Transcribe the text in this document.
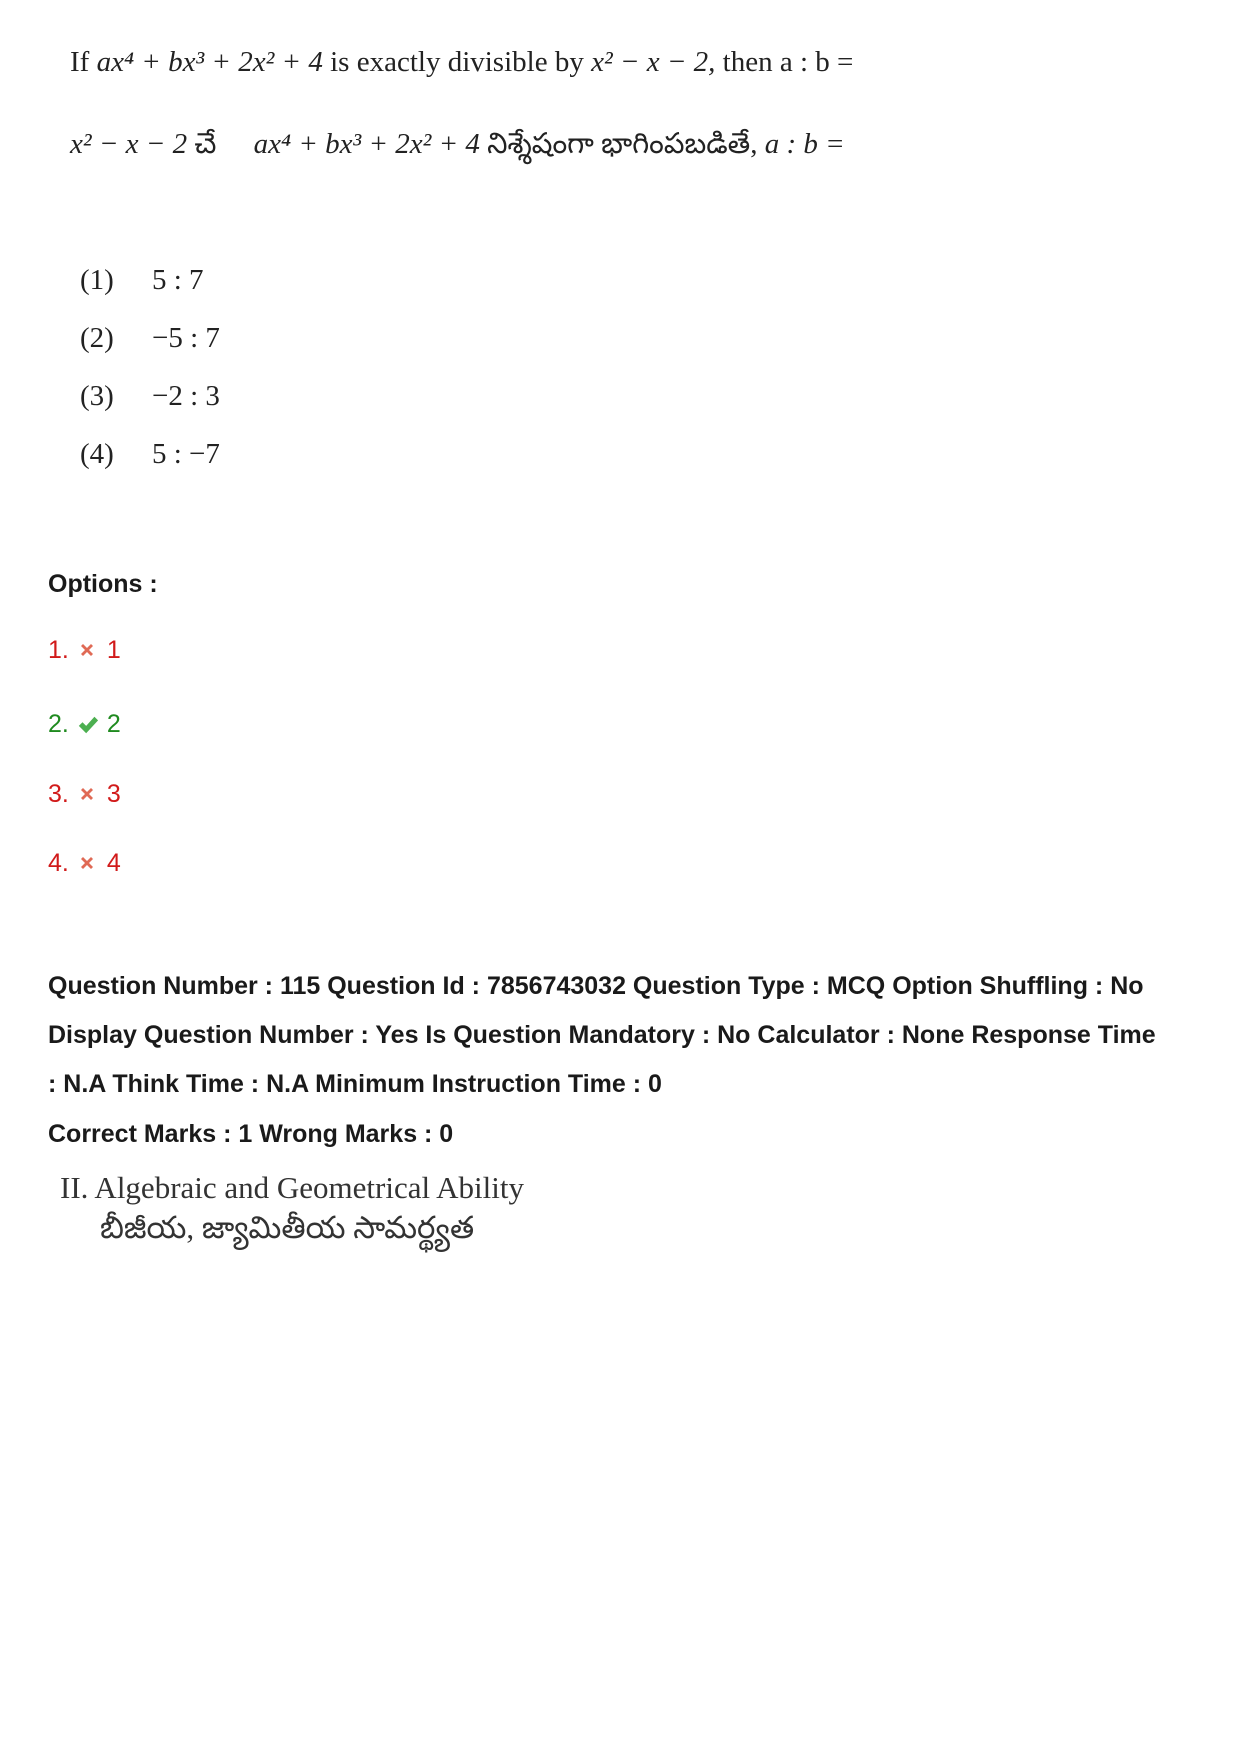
If ax⁴ + bx³ + 2x² + 4 is exactly divisible by x² − x − 2, then a : b =
x² − x − 2 చే ax⁴ + bx³ + 2x² + 4 నిశ్శేషంగా భాగింపబడితే, a : b =
(1)	5 : 7
(2)	−5 : 7
(3)	−2 : 3
(4)	5 : −7
Options :
1. 1
2. 2
3. 3
4. 4
Question Number : 115 Question Id : 7856743032 Question Type : MCQ Option Shuffling : No
Display Question Number : Yes Is Question Mandatory : No Calculator : None Response Time
: N.A Think Time : N.A Minimum Instruction Time : 0
Correct Marks : 1 Wrong Marks : 0
II. Algebraic and Geometrical Ability
బీజీయ, జ్యామితీయ సామర్థ్యత
